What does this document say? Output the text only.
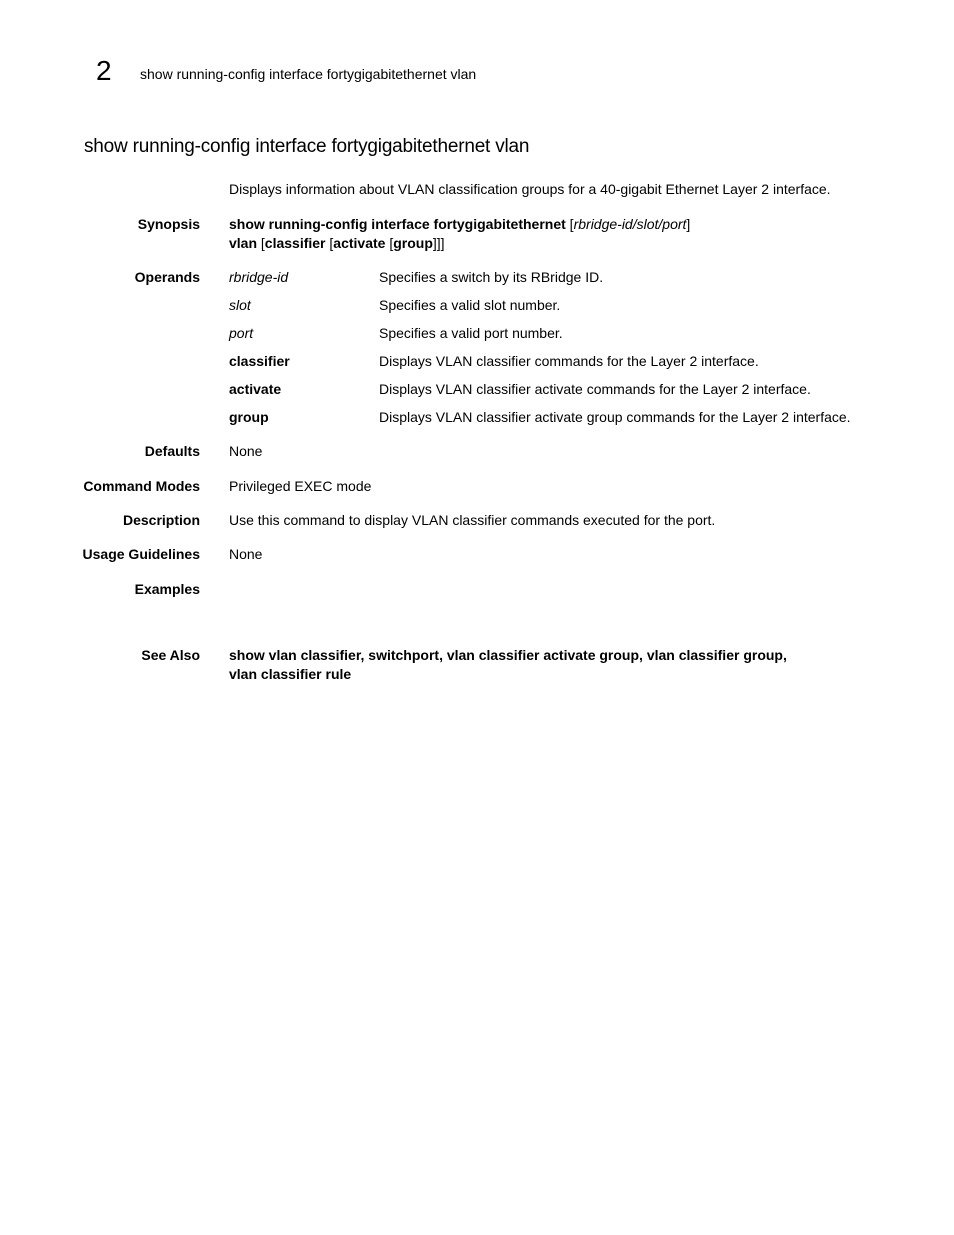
2 show running-config interface fortygigabitethernet vlan
show running-config interface fortygigabitethernet vlan
Displays information about VLAN classification groups for a 40-gigabit Ethernet Layer 2 interface.
Synopsis show running-config interface fortygigabitethernet [rbridge-id/slot/port]
vlan [classifier [activate [group]]]
Operands rbridge-id	Specifies a switch by its RBridge ID.
slot	Specifies a valid slot number.
port	Specifies a valid port number.
classifier	Displays VLAN classifier commands for the Layer 2 interface.
activate	Displays VLAN classifier activate commands for the Layer 2 interface.
group	Displays VLAN classifier activate group commands for the Layer 2 interface.
Defaults None
Command Modes Privileged EXEC mode
Description Use this command to display VLAN classifier commands executed for the port.
Usage Guidelines None
Examples
See Also show vlan classifier, switchport, vlan classifier activate group, vlan classifier group,
vlan classifier rule
